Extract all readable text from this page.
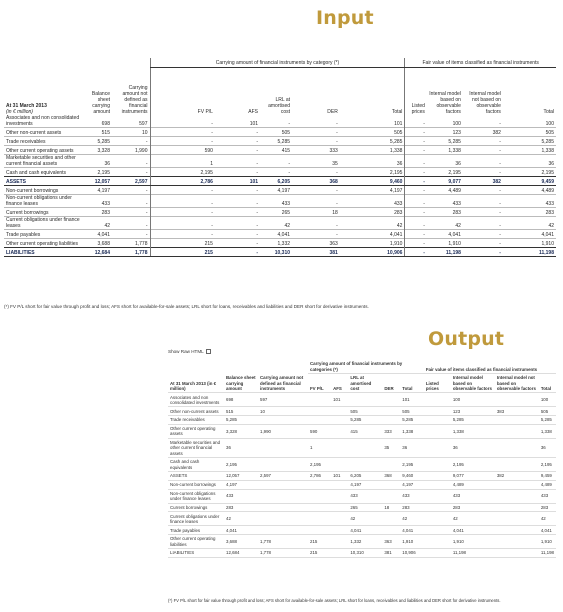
Input
At 31 March 2013
(in € million)	Balance sheet carrying amount	Carrying amount not defined as financial instruments	Carrying amount of financial instruments by category (*)					Fair value of items classified as financial instruments			
			FV P/L	AFS	LRL at amortised cost	DER	Total	Listed prices	Internal model based on observable factors	Internal model not based on observable factors	Total
Associates and non consolidated investments	698	597	-	101	-	-	101	-	100	-	100
Other non-current assets	515	10	-	-	505	-	505	-	123	382	505
Trade receivables	5,285	-	-	-	5,285	-	5,285	-	5,285	-	5,285
Other current operating assets	3,328	1,990	590	-	415	333	1,338	-	1,338	-	1,338
Marketable securities and other current financial assets	36	-	1	-	-	35	36	-	36	-	36
Cash and cash equivalents	2,195	-	2,195	-	-	-	2,195	-	2,195	-	2,195
ASSETS	12,057	2,597	2,786	101	6,205	368	9,460	-	9,077	382	9,459
Non-current borrowings	4,197	-	-	-	4,197	-	4,197	-	4,489	-	4,489
Non-current obligations under finance leases	433	-	-	-	433	-	433	-	433	-	433
Current borrowings	283	-	-	-	265	18	283	-	283	-	283
Current obligations under finance leases	42	-	-	-	42	-	42	-	42	-	42
Trade payables	4,041	-	-	-	4,041	-	4,041	-	4,041	-	4,041
Other current operating liabilities	3,688	1,778	215	-	1,332	363	1,910	-	1,910	-	1,910
LIABILITIES	12,684	1,778	215	-	10,310	381	10,906	-	11,198	-	11,198
(*) FV P/L short for fair value through profit and loss; AFS short for available-for-sale assets; LRL short for loans, receivables and liabilities and DER short for derivative instruments.
Output
Show Raw HTML
At 31 March 2013 (in € million)	Balance sheet carrying amount	Carrying amount not defined as financial instruments	Carrying amount of financial instruments by categories (*)					Fair value of items classified as financial instruments			
			FV P/L	AFS	LRL at amortised cost	DER	Total	Listed prices	Internal model based on observable factors	Internal model not based on observable factors	Total
Associates and non consolidated investments	698	597		101			101		100		100
Other non-current assets	515	10			505		505		123	383	505
Trade receivables	5,285				5,285		5,285		5,285		5,285
Other current operating assets	3,328	1,990	590		415	333	1,338		1,338		1,338
Marketable securities and other current financial assets	36		1			35	36		36		36
Cash and cash equivalents	2,195		2,195				2,195		2,195		2,195
ASSETS	12,057	2,597	2,786	101	6,205	368	9,460		9,077	382	9,459
Non-current borrowings	4,197				4,197		4,197		4,489		4,489
Non-current obligations under finance leases	433				433		433		433		433
Current borrowings	283				265	18	283		283		283
Current obligations under finance leases	42				42		42		42		42
Trade payables	4,041				4,041		4,041		4,041		4,041
Other current operating liabilities	3,688	1,778	215		1,332	363	1,910		1,910		1,910
LIABILITIES	12,684	1,778	215		10,310	381	10,906		11,198		11,198
(*) FV P/L short for fair value through profit and loss; AFS short for available-for-sale assets; LRL short for loans, receivables and liabilities and DER short for derivative instruments.
